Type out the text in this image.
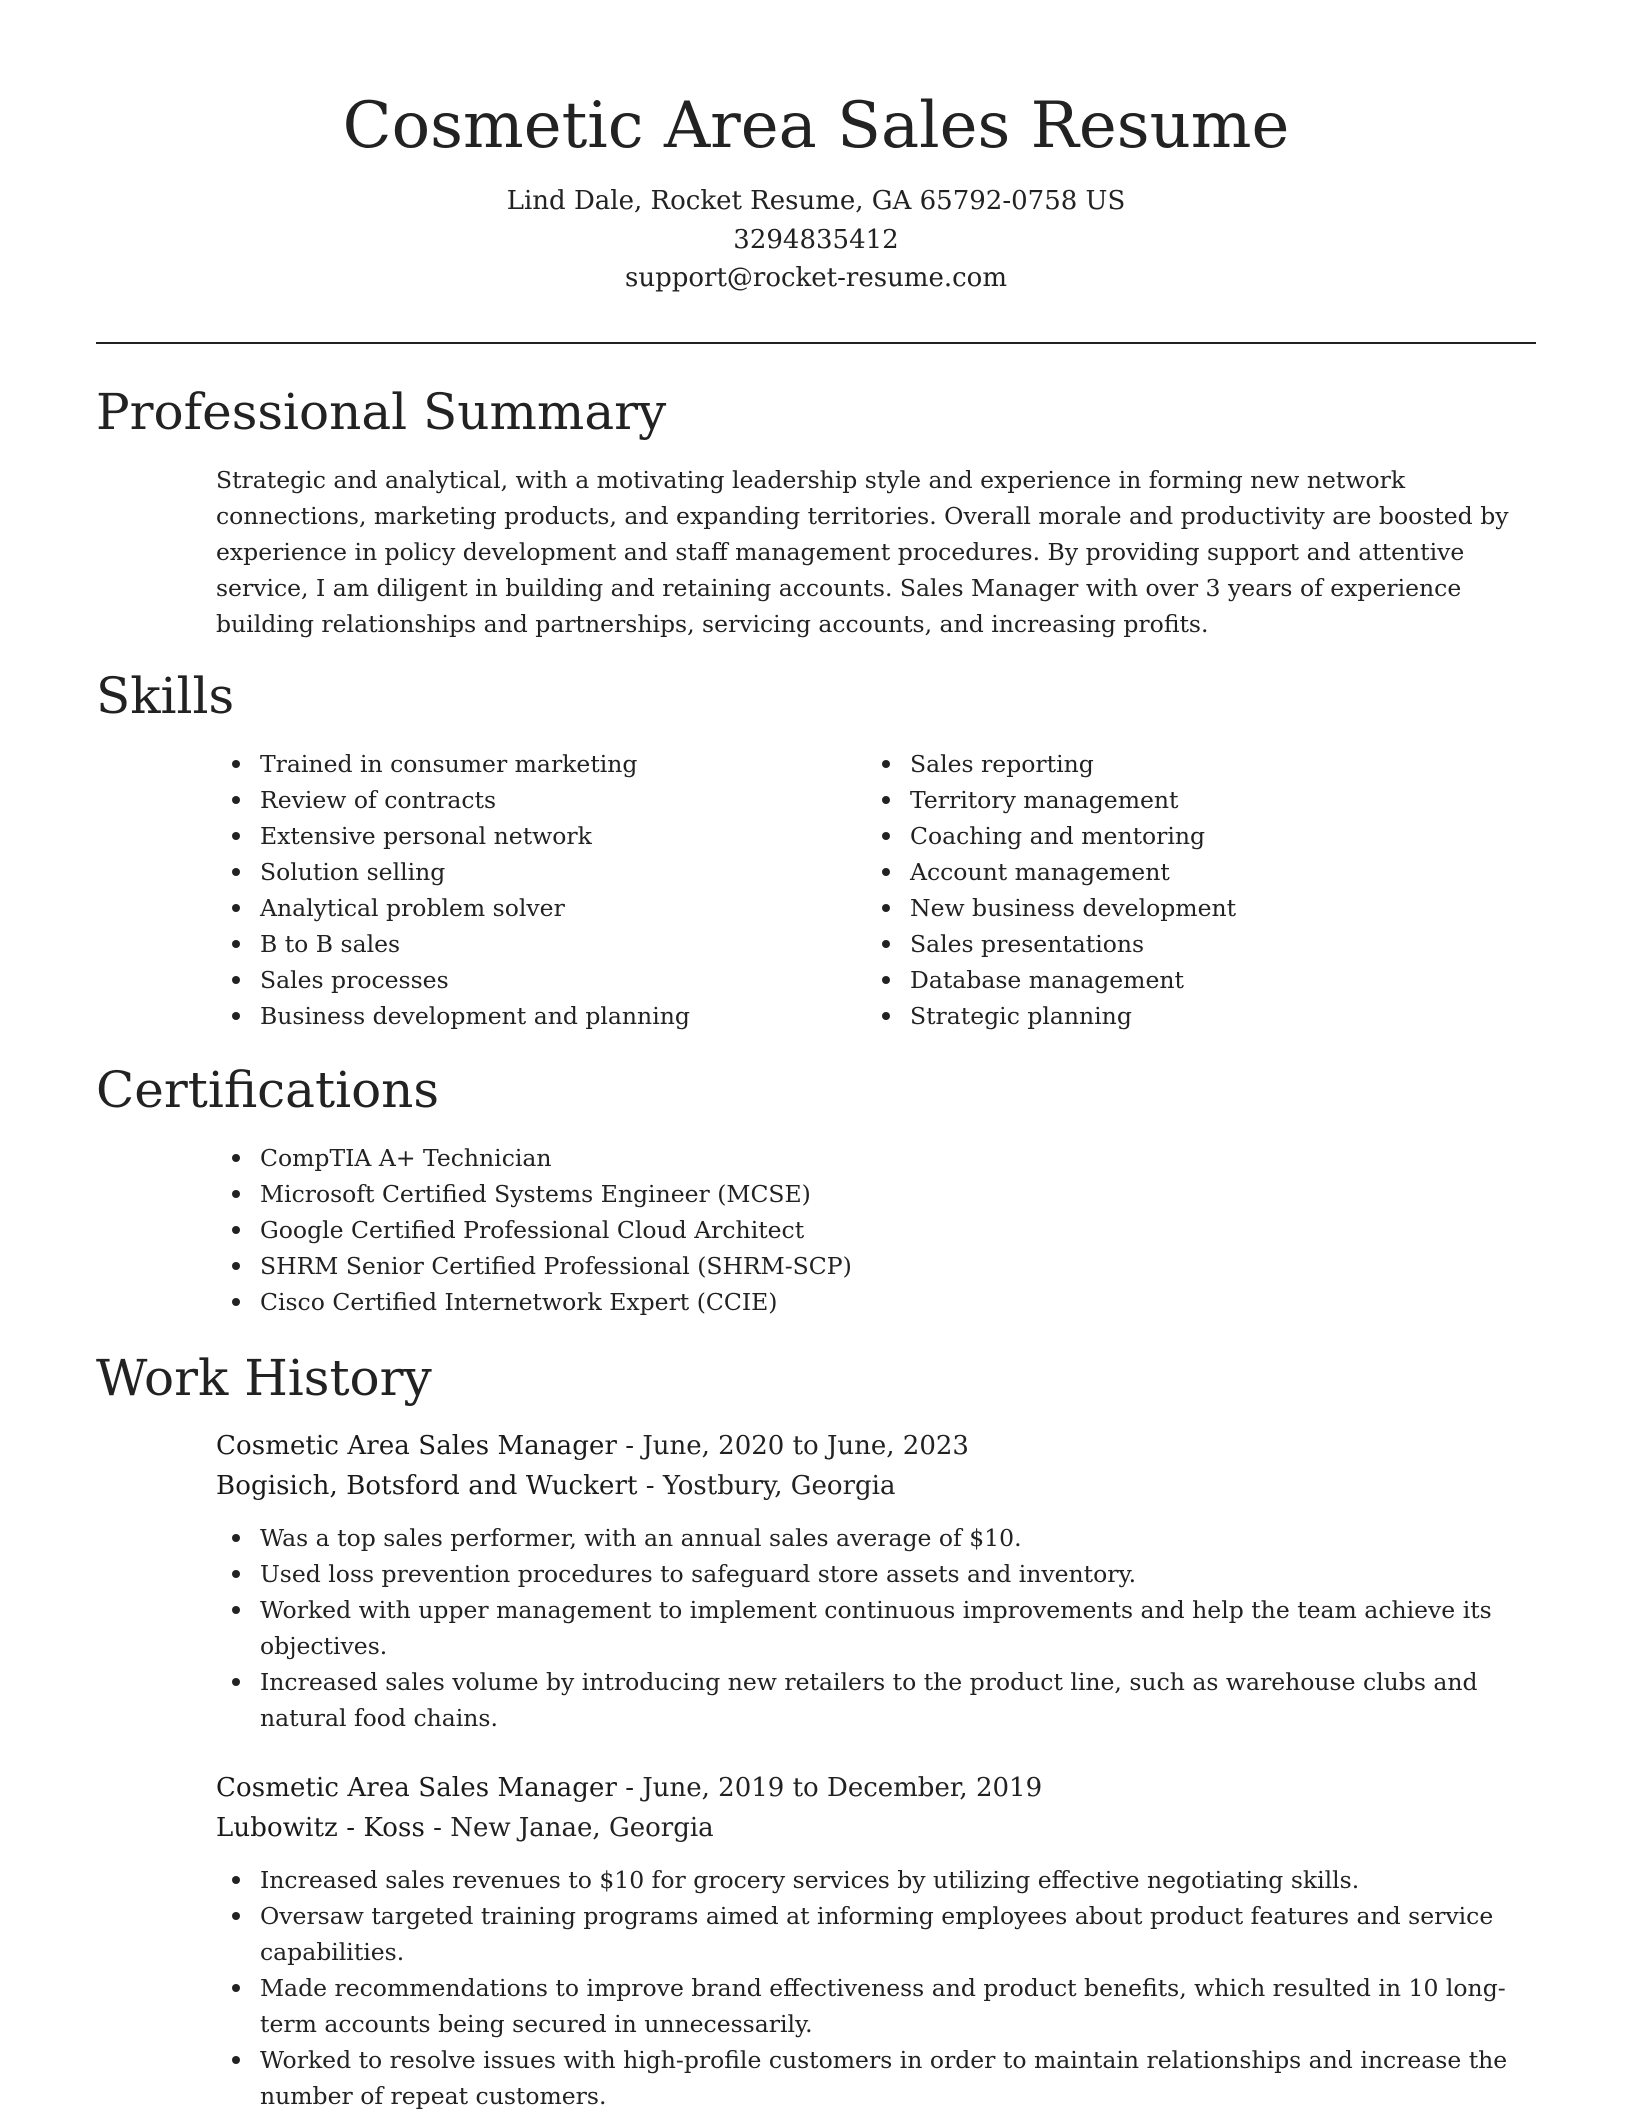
Cosmetic Area Sales Resume
Lind Dale, Rocket Resume, GA 65792-0758 US
3294835412
support@rocket-resume.com
Professional Summary

Strategic and analytical, with a motivating leadership style and experience in forming new network connections, marketing products, and expanding territories. Overall morale and productivity are boosted by experience in policy development and staff management procedures. By providing support and attentive service, I am diligent in building and retaining accounts. Sales Manager with over 3 years of experience building relationships and partnerships, servicing accounts, and increasing profits.

Skills
Trained in consumer marketing
Review of contracts
Extensive personal network
Solution selling
Analytical problem solver
B to B sales
Sales processes
Business development and planning
Sales reporting
Territory management
Coaching and mentoring
Account management
New business development
Sales presentations
Database management
Strategic planning
Certifications
CompTIA A+ Technician
Microsoft Certified Systems Engineer (MCSE)
Google Certified Professional Cloud Architect
SHRM Senior Certified Professional (SHRM-SCP)
Cisco Certified Internetwork Expert (CCIE)
Work History
Cosmetic Area Sales Manager - June, 2020 to June, 2023
Bogisich, Botsford and Wuckert - Yostbury, Georgia
Was a top sales performer, with an annual sales average of $10.
Used loss prevention procedures to safeguard store assets and inventory.
Worked with upper management to implement continuous improvements and help the team achieve its objectives.
Increased sales volume by introducing new retailers to the product line, such as warehouse clubs and natural food chains.
Cosmetic Area Sales Manager - June, 2019 to December, 2019
Lubowitz - Koss - New Janae, Georgia
Increased sales revenues to $10 for grocery services by utilizing effective negotiating skills.
Oversaw targeted training programs aimed at informing employees about product features and service capabilities.
Made recommendations to improve brand effectiveness and product benefits, which resulted in 10 long-term accounts being secured in unnecessarily.
Worked to resolve issues with high-profile customers in order to maintain relationships and increase the number of repeat customers.
